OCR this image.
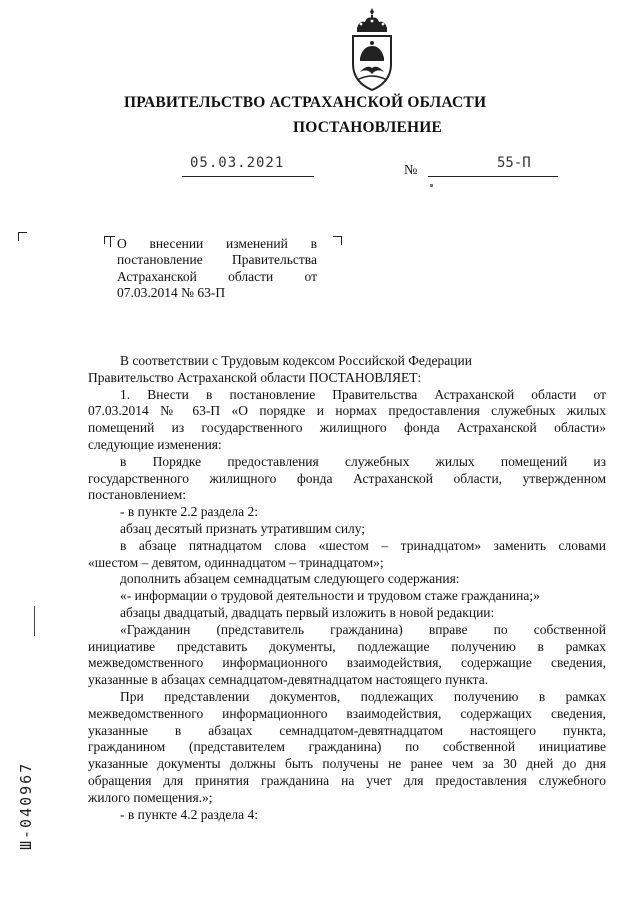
ПРАВИТЕЛЬСТВО АСТРАХАНСКОЙ ОБЛАСТИ
ПОСТАНОВЛЕНИЕ
05.03.2021	№	55-П
О внесении изменений в
постановление Правительства
Астраханской области от
07.03.2014 № 63-П
В соответствии с Трудовым кодексом Российской Федерации
Правительство Астраханской области ПОСТАНОВЛЯЕТ:
1. Внести в постановление Правительства Астраханской области от
07.03.2014 № 63-П «О порядке и нормах предоставления служебных жилых
помещений из государственного жилищного фонда Астраханской области»
следующие изменения:
в Порядке предоставления служебных жилых помещений из
государственного жилищного фонда Астраханской области, утвержденном
постановлением:
- в пункте 2.2 раздела 2:
абзац десятый признать утратившим силу;
в абзаце пятнадцатом слова «шестом – тринадцатом» заменить словами
«шестом – девятом, одиннадцатом – тринадцатом»;
дополнить абзацем семнадцатым следующего содержания:
«- информации о трудовой деятельности и трудовом стаже гражданина;»
абзацы двадцатый, двадцать первый изложить в новой редакции:
«Гражданин (представитель гражданина) вправе по собственной
инициативе представить документы, подлежащие получению в рамках
межведомственного информационного взаимодействия, содержащие сведения,
указанные в абзацах семнадцатом-девятнадцатом настоящего пункта.
При представлении документов, подлежащих получению в рамках
межведомственного информационного взаимодействия, содержащих сведения,
указанные в абзацах семнадцатом-девятнадцатом настоящего пункта,
гражданином (представителем гражданина) по собственной инициативе
указанные документы должны быть получены не ранее чем за 30 дней до дня
обращения для принятия гражданина на учет для предоставления служебного
жилого помещения.»;
- в пункте 4.2 раздела 4:
Ш-040967
